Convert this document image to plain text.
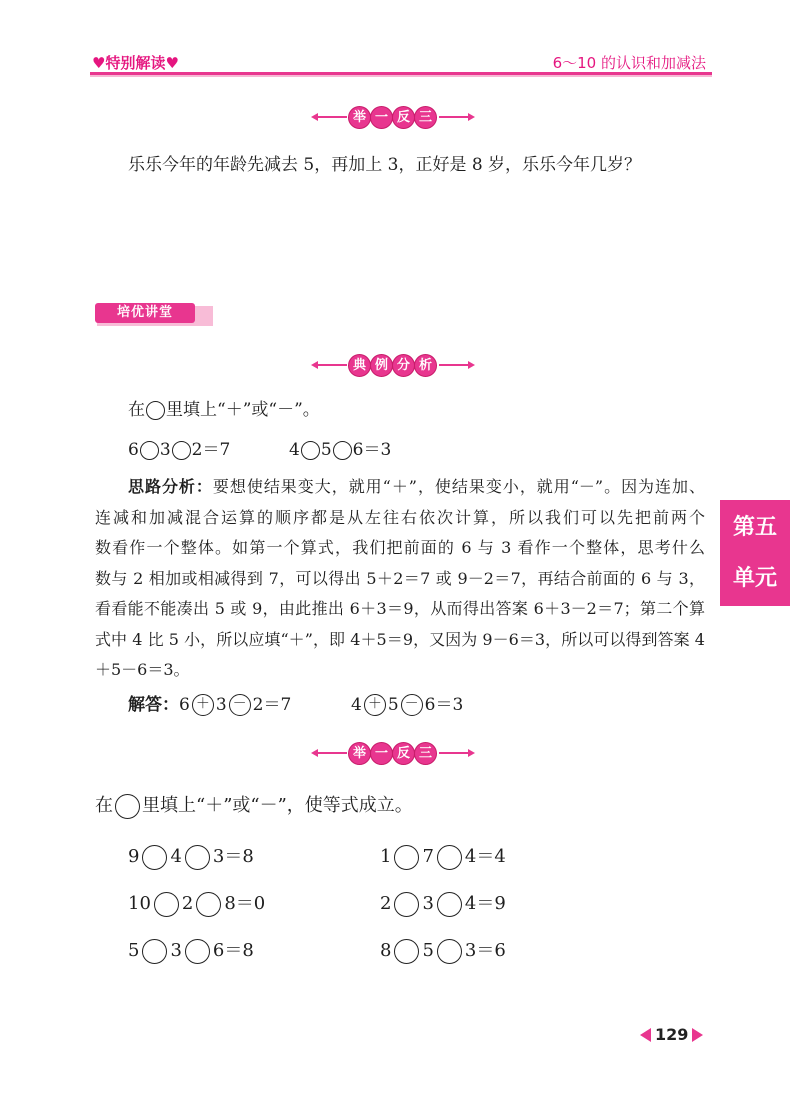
♥特别解读♥	6～10 的认识和加减法
举 一 反 三
乐乐今年的年龄先减去 5，再加上 3，正好是 8 岁，乐乐今年几岁？
培优讲堂
典 例 分 析
在 里填上“＋”或“－”。
6 3 2＝7	4 5 6＝3
思路分析：要想使结果变大，就用“＋”，使结果变小，就用“－”。因为连加、
连减和加减混合运算的顺序都是从左往右依次计算，所以我们可以先把前两个
数看作一个整体。如第一个算式，我们把前面的 6 与 3 看作一个整体，思考什么
数与 2 相加或相减得到 7，可以得出 5＋2＝7 或 9－2＝7，再结合前面的 6 与 3，
看看能不能凑出 5 或 9，由此推出 6＋3＝9，从而得出答案 6＋3－2＝7；第二个算
式中 4 比 5 小，所以应填“＋”，即 4＋5＝9，又因为 9－6＝3，所以可以得到答案 4
＋5－6＝3。
解答： 6 ＋ 3 － 2＝7	4 ＋ 5 － 6＝3
举 一 反 三
在 里填上“＋”或“－”，使等式成立。
9 4 3＝8	1 7 4＝4
10 2 8＝0	2 3 4＝9
5 3 6＝8	8 5 3＝6
第五
单元
129
